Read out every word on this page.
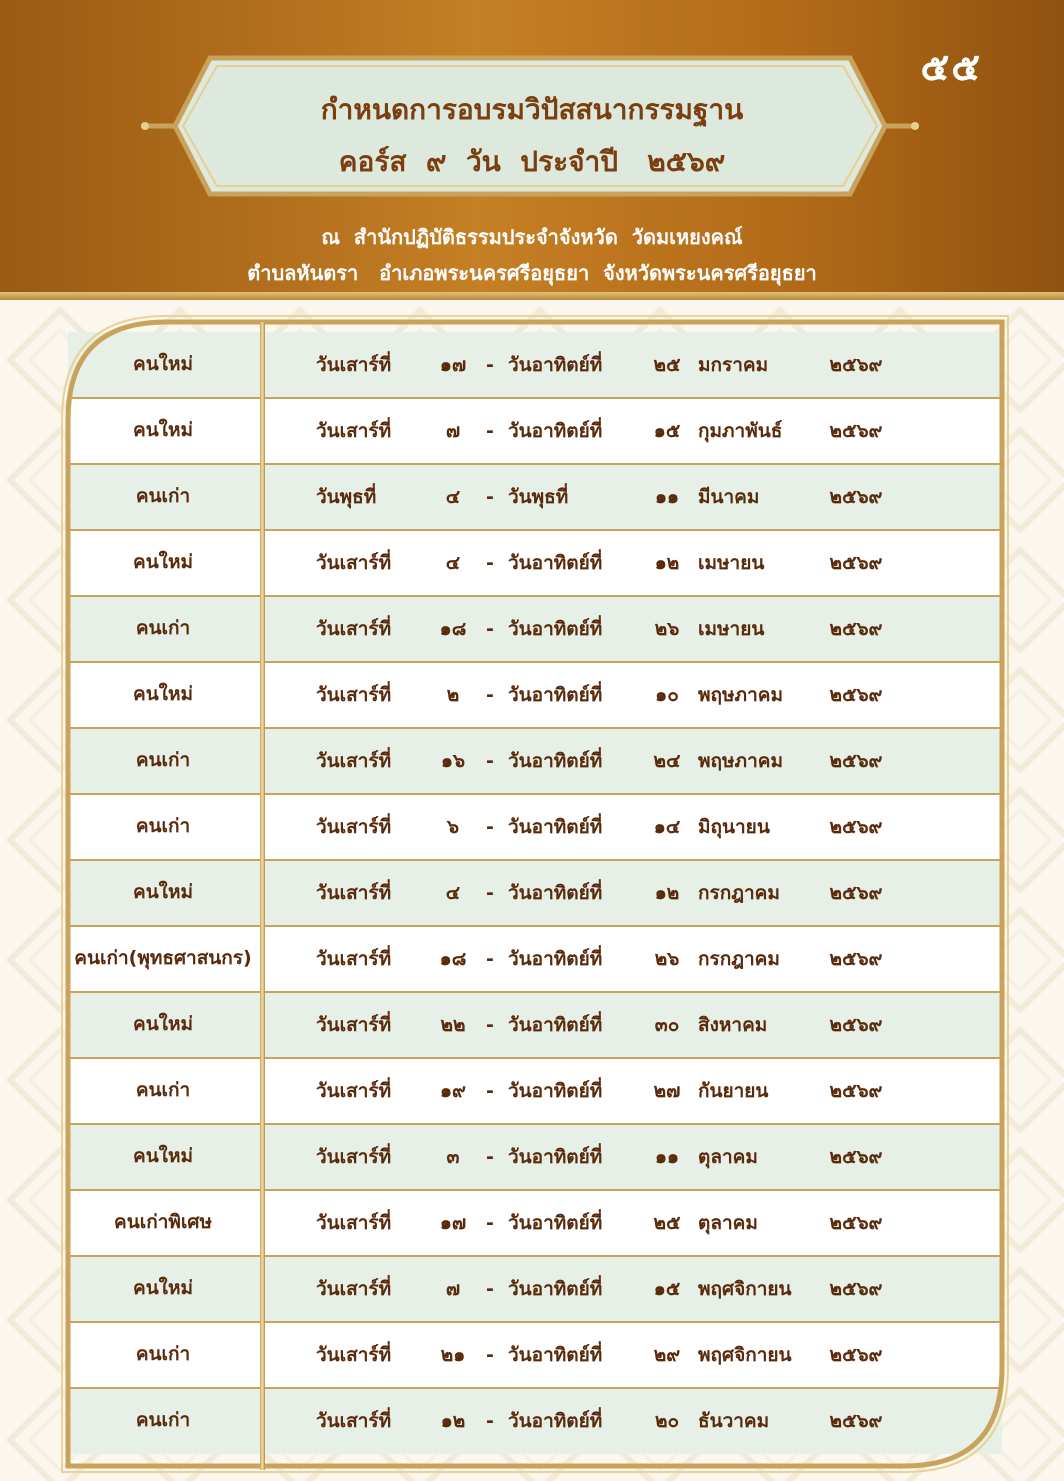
๕๕
กำหนดการอบรมวิปัสสนากรรมฐาน
คอร์ส  ๙  วัน  ประจำปี   ๒๕๖๙
ณ  สำนักปฏิบัติธรรมประจำจังหวัด  วัดมเหยงคณ์
ตำบลหันตรา   อำเภอพระนครศรีอยุธยา  จังหวัดพระนครศรีอยุธยา
คนใหม่	วันเสาร์ที่	๑๗	- วันอาทิตย์ที่	๒๕ มกราคม	๒๕๖๙
คนใหม่	วันเสาร์ที่	๗	- วันอาทิตย์ที่	๑๕ กุมภาพันธ์	๒๕๖๙
คนเก่า	วันพุธที่	๔	- วันพุธที่	๑๑ มีนาคม	๒๕๖๙
คนใหม่	วันเสาร์ที่	๔	- วันอาทิตย์ที่	๑๒ เมษายน	๒๕๖๙
คนเก่า	วันเสาร์ที่	๑๘	- วันอาทิตย์ที่	๒๖ เมษายน	๒๕๖๙
คนใหม่	วันเสาร์ที่	๒	- วันอาทิตย์ที่	๑๐	พฤษภาคม	๒๕๖๙
คนเก่า	วันเสาร์ที่	๑๖	- วันอาทิตย์ที่	๒๔ พฤษภาคม	๒๕๖๙
คนเก่า	วันเสาร์ที่	๖	- วันอาทิตย์ที่	๑๔ มิถุนายน	๒๕๖๙
คนใหม่	วันเสาร์ที่	๔	- วันอาทิตย์ที่	๑๒ กรกฎาคม	๒๕๖๙
คนเก่า (พุทธศาสนกร)	วันเสาร์ที่	๑๘	- วันอาทิตย์ที่	๒๖ กรกฎาคม	๒๕๖๙
คนใหม่	วันเสาร์ที่	๒๒	- วันอาทิตย์ที่	๓๐ สิงหาคม	๒๕๖๙
คนเก่า	วันเสาร์ที่	๑๙	- วันอาทิตย์ที่	๒๗ กันยายน	๒๕๖๙
คนใหม่	วันเสาร์ที่	๓	- วันอาทิตย์ที่	๑๑ ตุลาคม	๒๕๖๙
คนเก่าพิเศษ	วันเสาร์ที่	๑๗	- วันอาทิตย์ที่	๒๕ ตุลาคม	๒๕๖๙
คนใหม่	วันเสาร์ที่	๗	- วันอาทิตย์ที่	๑๕ พฤศจิกายน	๒๕๖๙
คนเก่า	วันเสาร์ที่	๒๑	- วันอาทิตย์ที่	๒๙ พฤศจิกายน	๒๕๖๙
คนเก่า	วันเสาร์ที่	๑๒	- วันอาทิตย์ที่	๒๐ ธันวาคม	๒๕๖๙
